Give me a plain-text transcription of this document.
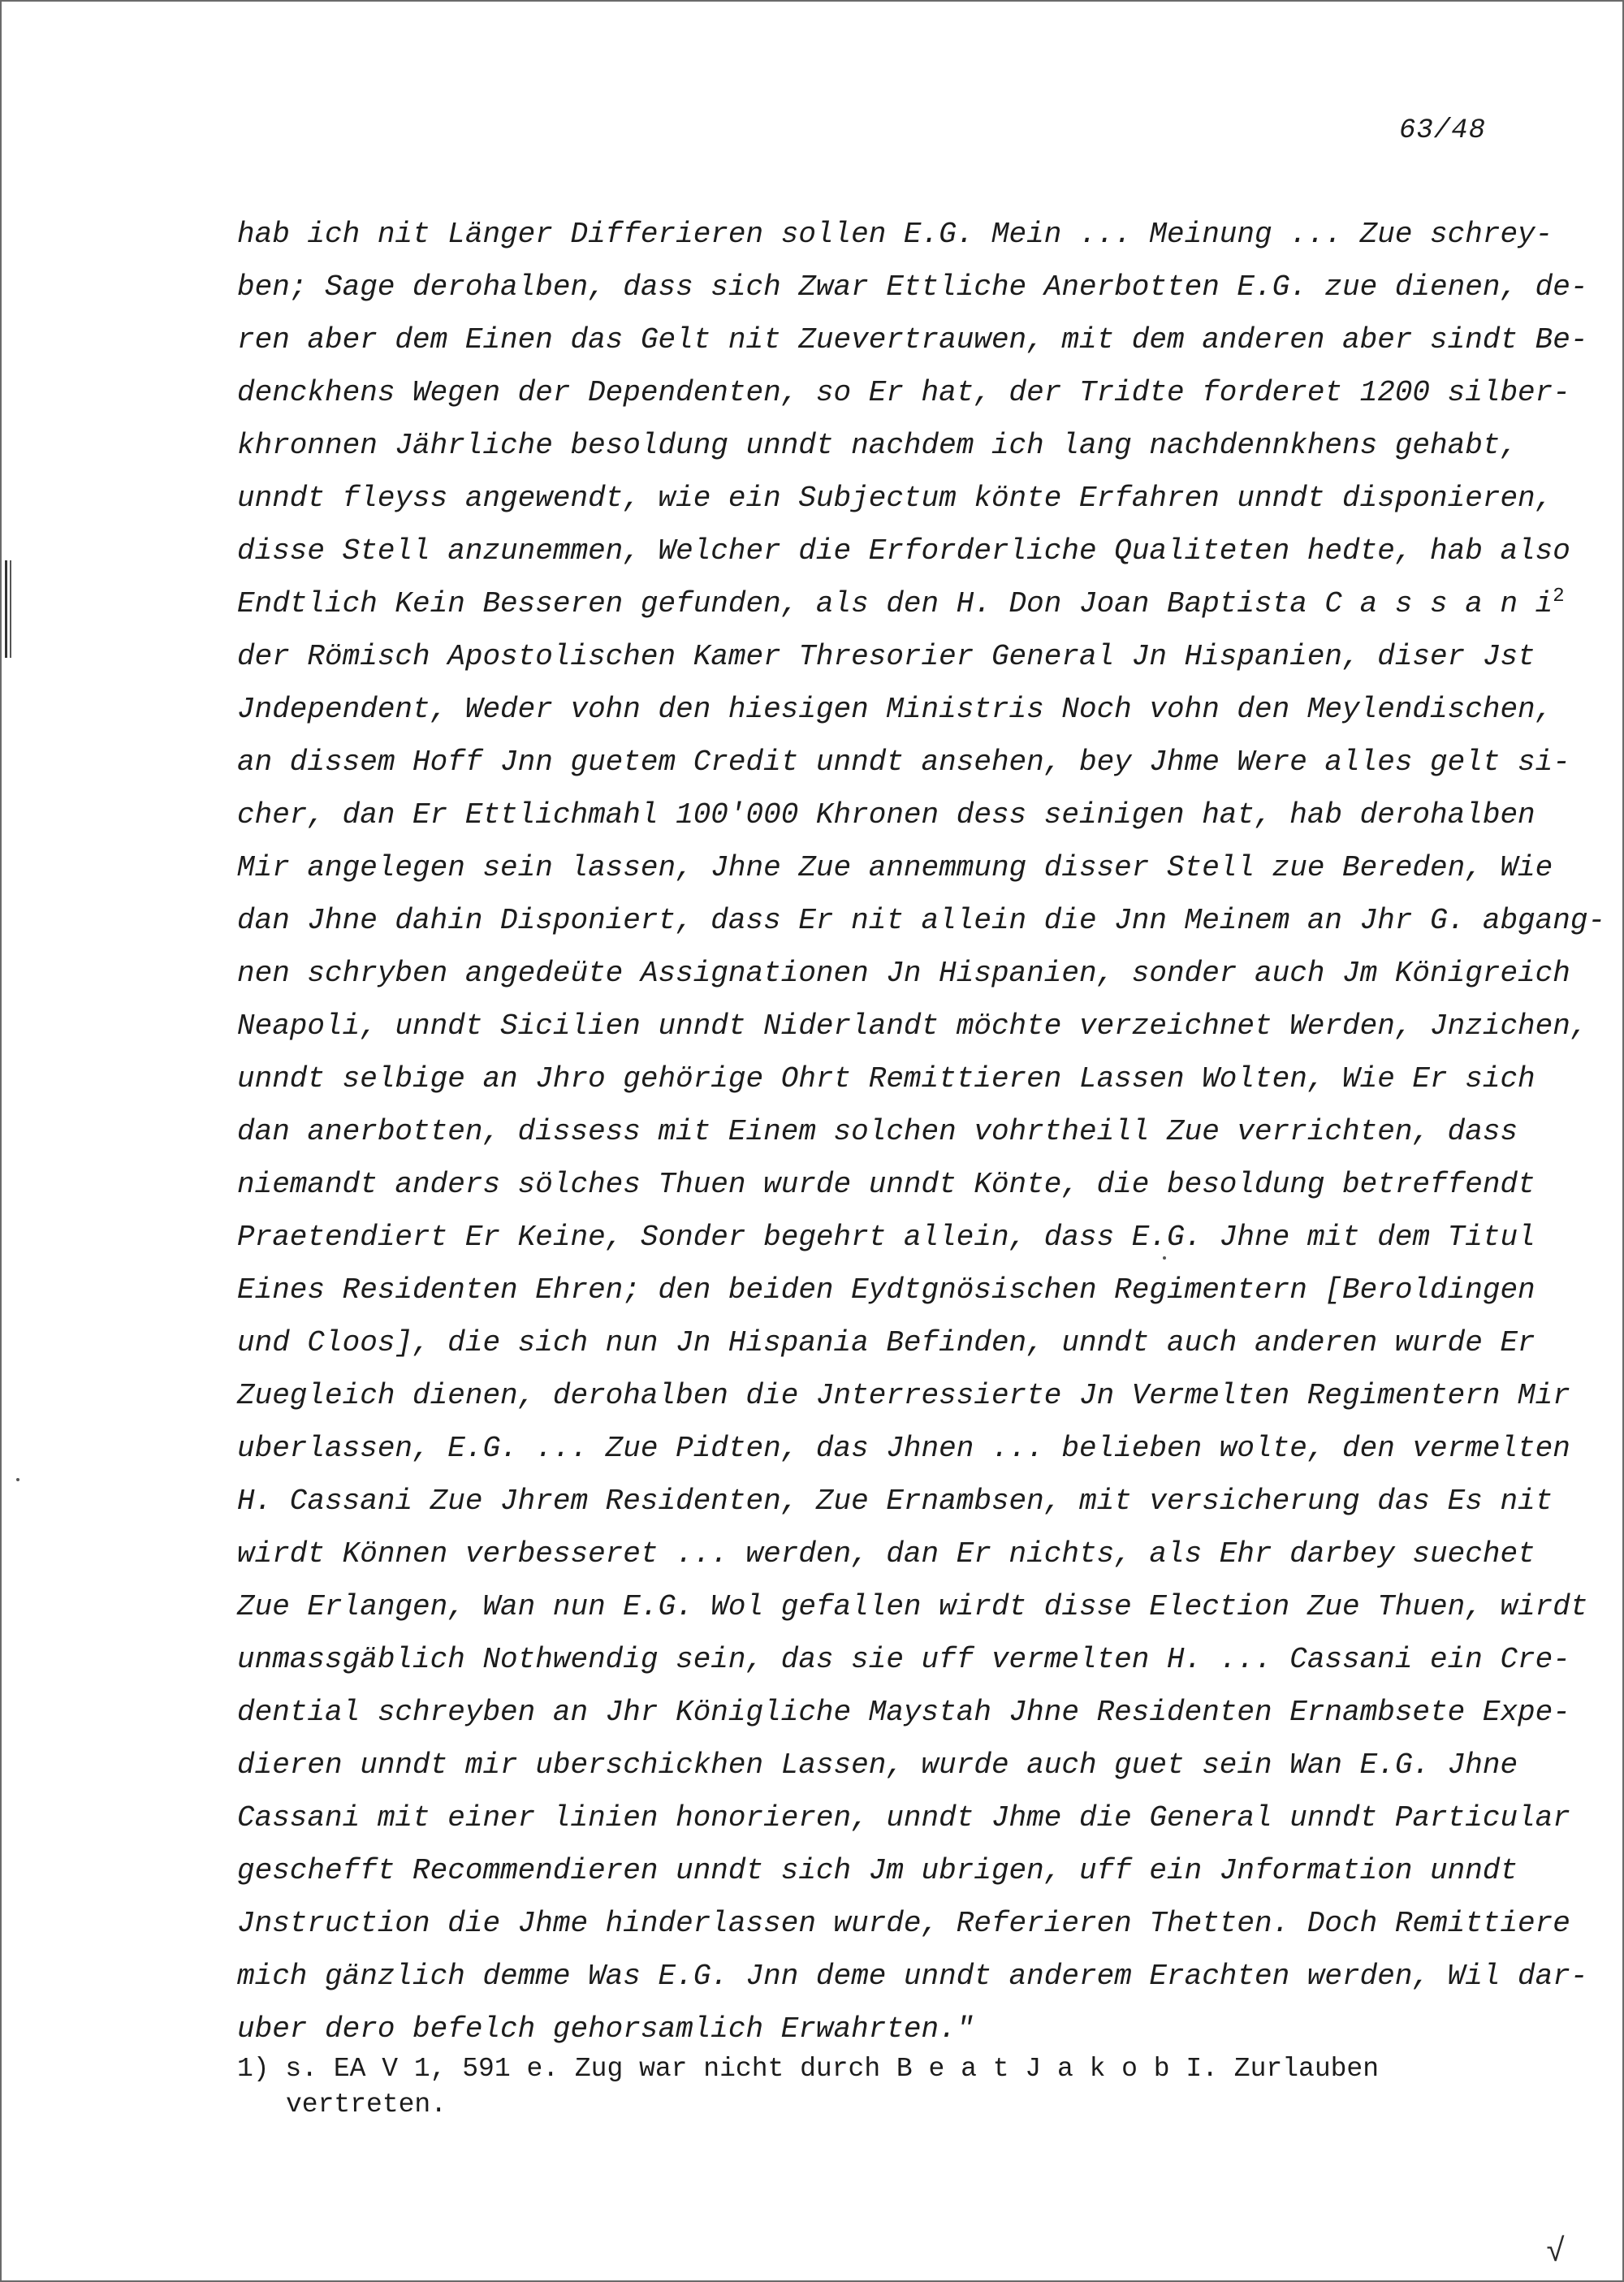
63/48
hab ich nit Länger Differieren sollen E.G. Mein ... Meinung ... Zue schrey-
ben; Sage derohalben, dass sich Zwar Ettliche Anerbotten E.G. zue dienen, de-
ren aber dem Einen das Gelt nit Zuevertrauwen, mit dem anderen aber sindt Be-
denckhens Wegen der Dependenten, so Er hat, der Tridte forderet 1200 silber-
khronnen Jährliche besoldung unndt nachdem ich lang nachdennkhens gehabt,
unndt fleyss angewendt, wie ein Subjectum könte Erfahren unndt disponieren,
disse Stell anzunemmen, Welcher die Erforderliche Qualiteten hedte, hab also
Endtlich Kein Besseren gefunden, als den H. Don Joan Baptista C a s s a n $i^2$
der Römisch Apostolischen Kamer Thresorier General Jn Hispanien, diser Jst
Jndependent, Weder vohn den hiesigen Ministris Noch vohn den Meylendischen,
an dissem Hoff Jnn guetem Credit unndt ansehen, bey Jhme Were alles gelt si-
cher, dan Er Ettlichmahl 100'000 Khronen dess seinigen hat, hab derohalben
Mir angelegen sein lassen, Jhne Zue annemmung disser Stell zue Bereden, Wie
dan Jhne dahin Disponiert, dass Er nit allein die Jnn Meinem an Jhr G. abgang-
nen schryben angedeüte Assignationen Jn Hispanien, sonder auch Jm Königreich
Neapoli, unndt Sicilien unndt Niderlandt möchte verzeichnet Werden, Jnzichen,
unndt selbige an Jhro gehörige Ohrt Remittieren Lassen Wolten, Wie Er sich
dan anerbotten, dissess mit Einem solchen vohrtheill Zue verrichten, dass
niemandt anders sölches Thuen wurde unndt Könte, die besoldung betreffendt
Praetendiert Er Keine, Sonder begehrt allein, dass E.G. Jhne mit dem Titul
Eines Residenten Ehren; den beiden Eydtgnösischen Regimentern [Beroldingen
und Cloos], die sich nun Jn Hispania Befinden, unndt auch anderen wurde Er
Zuegleich dienen, derohalben die Jnterressierte Jn Vermelten Regimentern Mir
uberlassen, E.G. ... Zue Pidten, das Jhnen ... belieben wolte, den vermelten
H. Cassani Zue Jhrem Residenten, Zue Ernambsen, mit versicherung das Es nit
wirdt Können verbesseret ... werden, dan Er nichts, als Ehr darbey suechet
Zue Erlangen, Wan nun E.G. Wol gefallen wirdt disse Election Zue Thuen, wirdt
unmassgäblich Nothwendig sein, das sie uff vermelten H. ... Cassani ein Cre-
dential schreyben an Jhr Königliche Maystah Jhne Residenten Ernambsete Expe-
dieren unndt mir uberschickhen Lassen, wurde auch guet sein Wan E.G. Jhne
Cassani mit einer linien honorieren, unndt Jhme die General unndt Particular
geschefft Recommendieren unndt sich Jm ubrigen, uff ein Jnformation unndt
Jnstruction die Jhme hinderlassen wurde, Referieren Thetten. Doch Remittiere
mich gänzlich demme Was E.G. Jnn deme unndt anderem Erachten werden, Wil dar-
uber dero befelch gehorsamlich Erwahrten."
1) s. EA V 1, 591 e. Zug war nicht durch B e a t J a k o b I. Zurlauben
vertreten.
√
